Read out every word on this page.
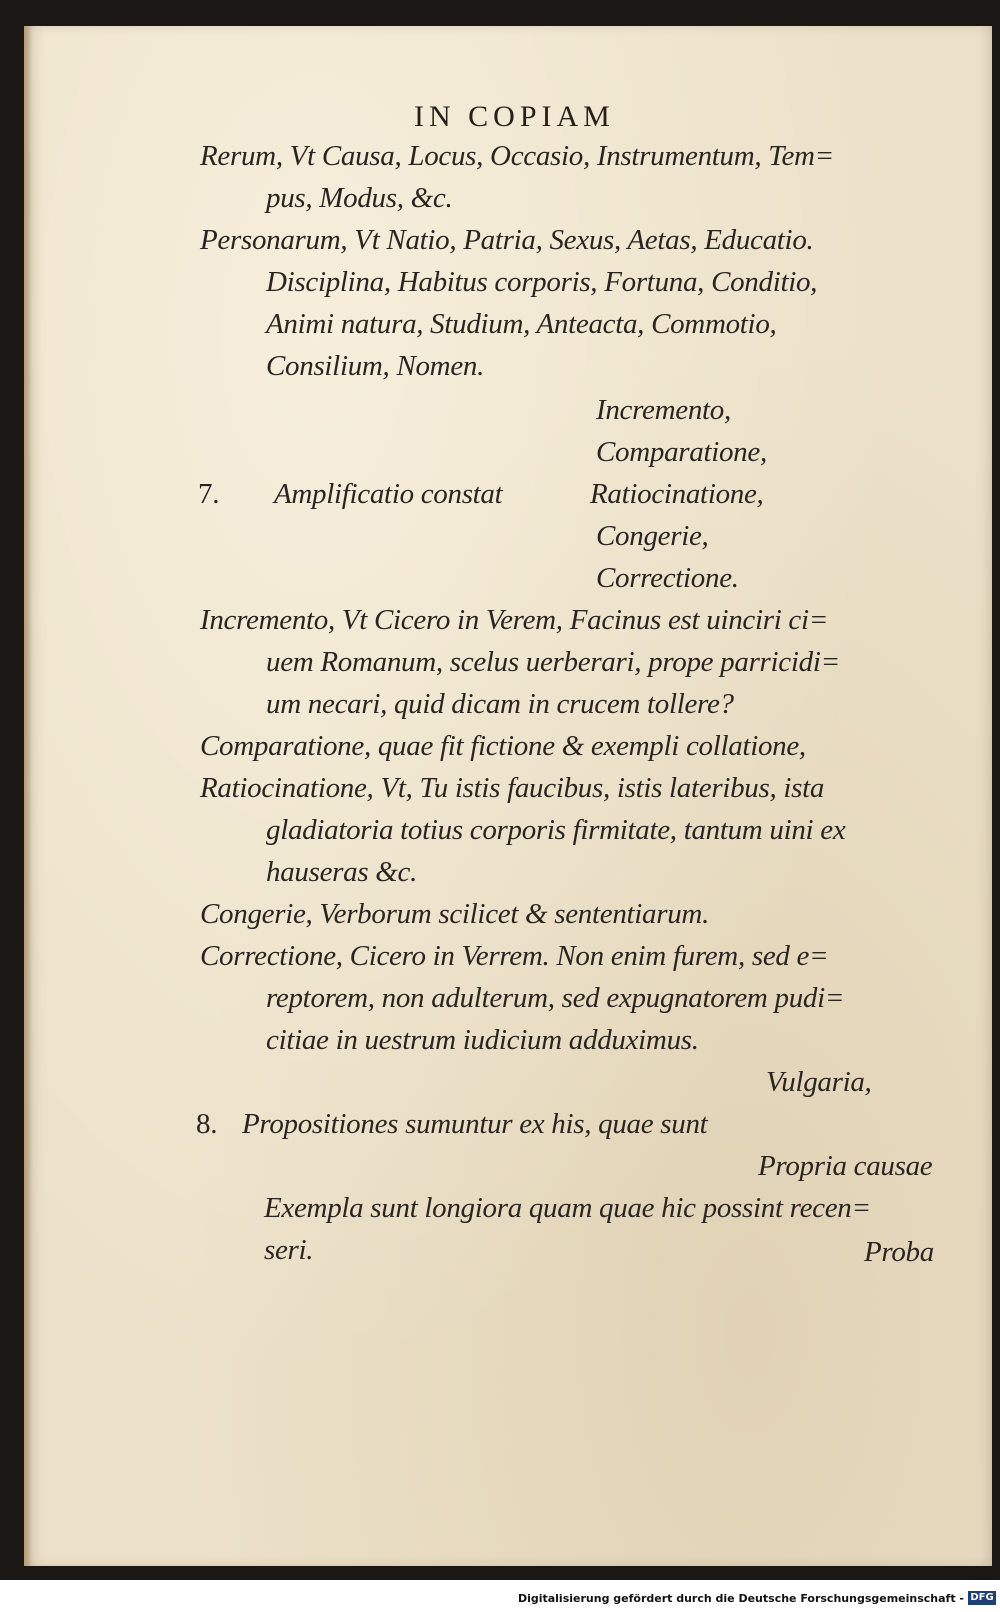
IN COPIAM
Rerum, Vt Causa, Locus, Occasio, Instrumentum, Tem=
pus, Modus, &c.
Personarum, Vt Natio, Patria, Sexus, Aetas, Educatio.
Disciplina, Habitus corporis, Fortuna, Conditio,
Animi natura, Studium, Anteacta, Commotio,
Consilium, Nomen.
7. Amplificatio constat
Incremento,
Comparatione,
Ratiocinatione,
Congerie,
Correctione.
Incremento, Vt Cicero in Verem, Facinus est uinciri ci=
uem Romanum, scelus uerberari, prope parricidi=
um necari, quid dicam in crucem tollere?
Comparatione, quae fit fictione & exempli collatione,
Ratiocinatione, Vt, Tu istis faucibus, istis lateribus, ista
gladiatoria totius corporis firmitate, tantum uini ex
hauseras &c.
Congerie, Verborum scilicet & sententiarum.
Correctione, Cicero in Verrem. Non enim furem, sed e=
reptorem, non adulterum, sed expugnatorem pudi=
citiae in uestrum iudicium adduximus.
Vulgaria,
8. Propositiones sumuntur ex his, quae sunt
Propria causae
Exempla sunt longiora quam quae hic possint recen=
seri.	Proba
Digitalisierung gefördert durch die Deutsche Forschungsgemeinschaft - DFG
